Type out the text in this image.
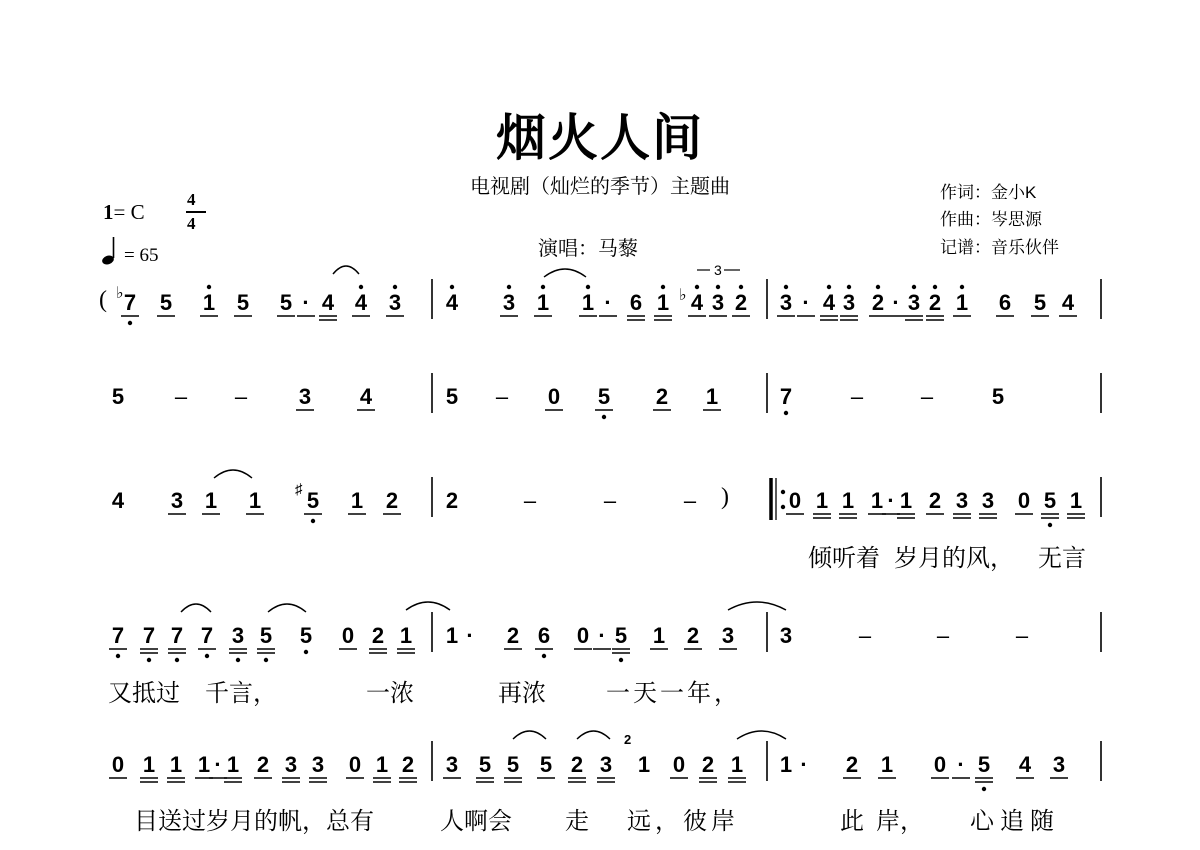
烟火人间
电视剧（灿烂的季节）主题曲
演唱：马藜
作词：金小K
作曲：岑思源
记谱：音乐伙伴
1= C
4
4
= 65
( ♭	♭
3
)
♯
2
7 5 1 5 5 · 4 4 3 4 3 1 1 · 6 1 4 3 2 3 · 4 3 2 · 3 2 1 6 5 4
5 – – 3 4	5 – 0 5 2 1	7	–	–	5
4 3 1 1 5 1 2 2	–	–	–	0 1 1 1 · 1 2 3 3 0 5 1
7 7 7 7 3 5 5 0 2 1 1 · 2 6 0 · 5 1 2 3 3	–	–	–
0 1 1 1 · 1 2 3 3 0 1 2 3 5 5 5 2 3 1 0 2 1 1 · 2 1 0 · 5 4 3
倾听着 岁月的风， 无言
又抵过 千言，	一浓	再浓	一天一年，
目送过岁月的帆，总有	人啊会 走 远，彼岸	此 岸， 心追随
